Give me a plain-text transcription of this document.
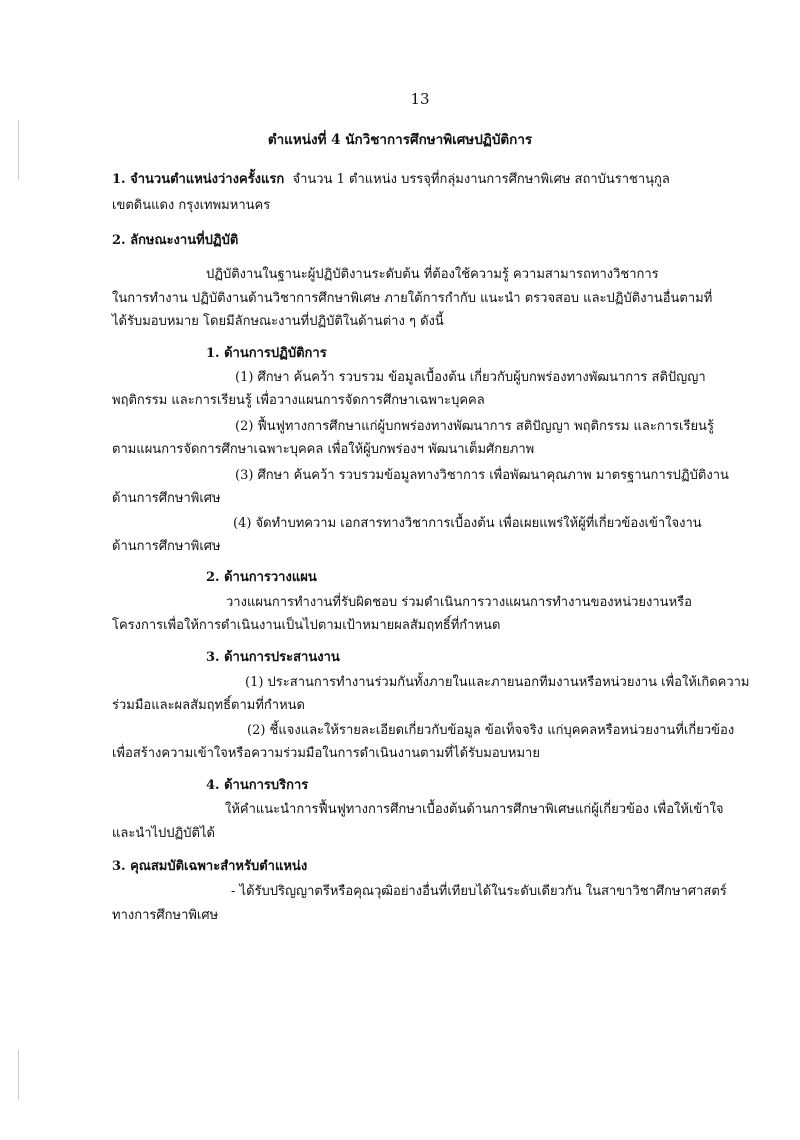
13
ตำแหน่งที่ 4 นักวิชาการศึกษาพิเศษปฏิบัติการ
1. จำนวนตำแหน่งว่างครั้งแรก จำนวน 1 ตำแหน่ง บรรจุที่กลุ่มงานการศึกษาพิเศษ สถาบันราชานุกูล
เขตดินแดง กรุงเทพมหานคร
2. ลักษณะงานที่ปฏิบัติ
ปฏิบัติงานในฐานะผู้ปฏิบัติงานระดับต้น ที่ต้องใช้ความรู้ ความสามารถทางวิชาการ
ในการทำงาน ปฏิบัติงานด้านวิชาการศึกษาพิเศษ ภายใต้การกำกับ แนะนำ ตรวจสอบ และปฏิบัติงานอื่นตามที่
ได้รับมอบหมาย โดยมีลักษณะงานที่ปฏิบัติในด้านต่าง ๆ ดังนี้
1. ด้านการปฏิบัติการ
(1) ศึกษา ค้นคว้า รวบรวม ข้อมูลเบื้องต้น เกี่ยวกับผู้บกพร่องทางพัฒนาการ สติปัญญา
พฤติกรรม และการเรียนรู้ เพื่อวางแผนการจัดการศึกษาเฉพาะบุคคล
(2) ฟื้นฟูทางการศึกษาแก่ผู้บกพร่องทางพัฒนาการ สติปัญญา พฤติกรรม และการเรียนรู้
ตามแผนการจัดการศึกษาเฉพาะบุคคล เพื่อให้ผู้บกพร่องฯ พัฒนาเต็มศักยภาพ
(3) ศึกษา ค้นคว้า รวบรวมข้อมูลทางวิชาการ เพื่อพัฒนาคุณภาพ มาตรฐานการปฏิบัติงาน
ด้านการศึกษาพิเศษ
(4) จัดทำบทความ เอกสารทางวิชาการเบื้องต้น เพื่อเผยแพร่ให้ผู้ที่เกี่ยวข้องเข้าใจงาน
ด้านการศึกษาพิเศษ
2. ด้านการวางแผน
วางแผนการทำงานที่รับผิดชอบ ร่วมดำเนินการวางแผนการทำงานของหน่วยงานหรือ
โครงการเพื่อให้การดำเนินงานเป็นไปตามเป้าหมายผลสัมฤทธิ์ที่กำหนด
3. ด้านการประสานงาน
(1) ประสานการทำงานร่วมกันทั้งภายในและภายนอกทีมงานหรือหน่วยงาน เพื่อให้เกิดความ
ร่วมมือและผลสัมฤทธิ์ตามที่กำหนด
(2) ชี้แจงและให้รายละเอียดเกี่ยวกับข้อมูล ข้อเท็จจริง แก่บุคคลหรือหน่วยงานที่เกี่ยวข้อง
เพื่อสร้างความเข้าใจหรือความร่วมมือในการดำเนินงานตามที่ได้รับมอบหมาย
4. ด้านการบริการ
ให้คำแนะนำการฟื้นฟูทางการศึกษาเบื้องต้นด้านการศึกษาพิเศษแก่ผู้เกี่ยวข้อง เพื่อให้เข้าใจ
และนำไปปฏิบัติได้
3. คุณสมบัติเฉพาะสำหรับตำแหน่ง
- ได้รับปริญญาตรีหรือคุณวุฒิอย่างอื่นที่เทียบได้ในระดับเดียวกัน ในสาขาวิชาศึกษาศาสตร์
ทางการศึกษาพิเศษ
